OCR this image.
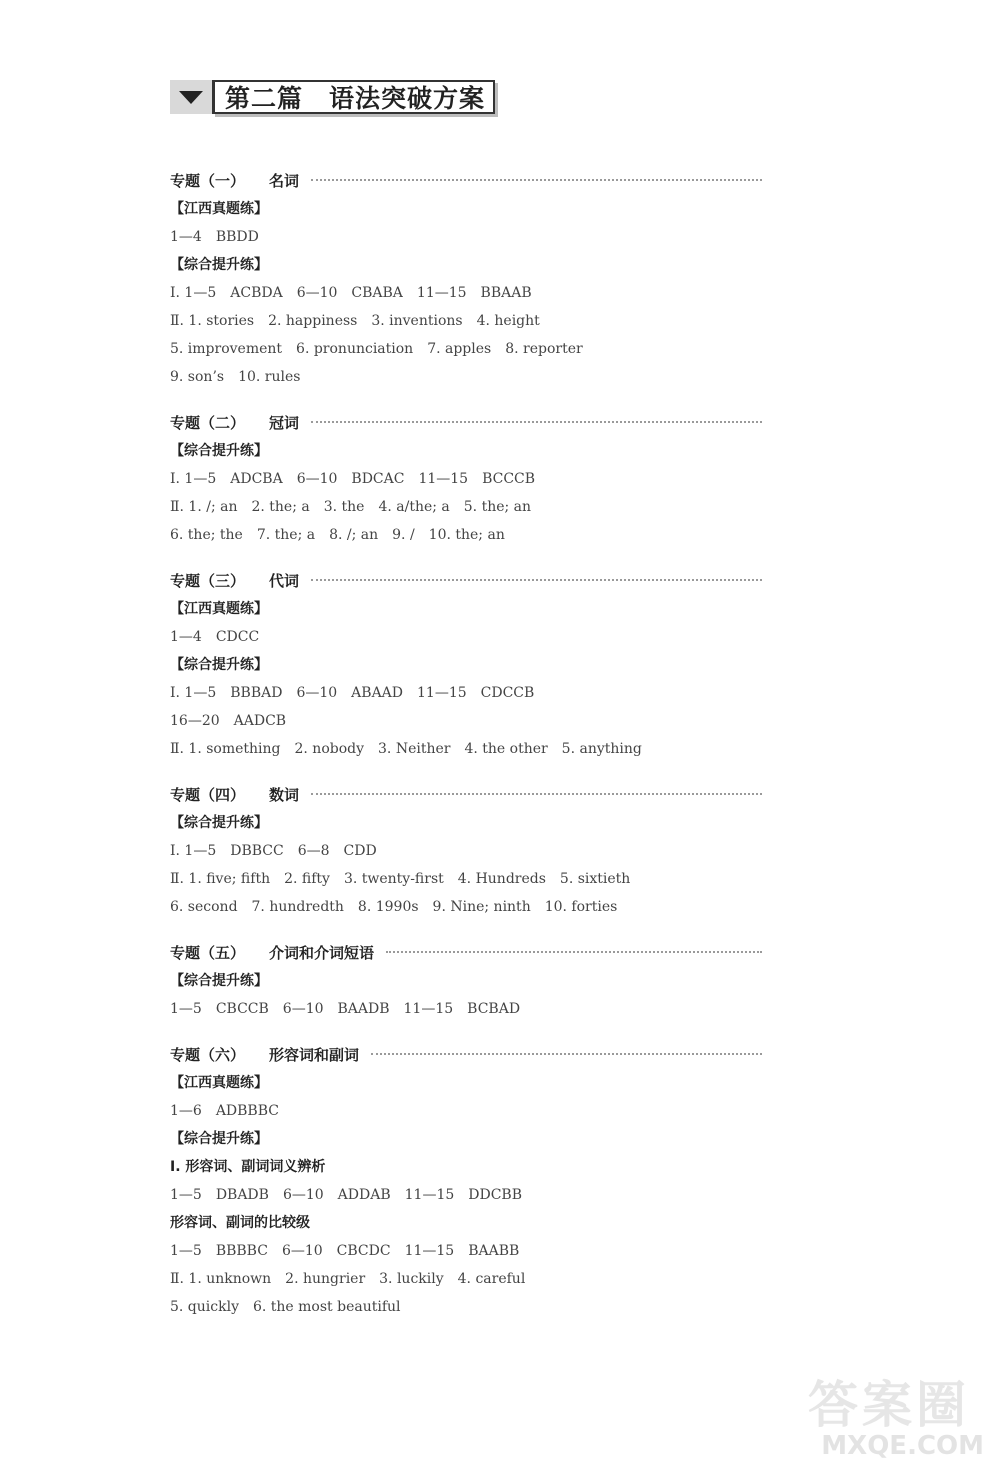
第二篇　语法突破方案
专题（一） 名词
【江西真题练】
1—4　BBDD
【综合提升练】
Ⅰ. 1—5　ACBDA　6—10　CBABA　11—15　BBAAB
Ⅱ. 1. stories　2. happiness　3. inventions　4. height
5. improvement　6. pronunciation　7. apples　8. reporter
9. son’s　10. rules
专题（二） 冠词
【综合提升练】
Ⅰ. 1—5　ADCBA　6—10　BDCAC　11—15　BCCCB
Ⅱ. 1. /; an　2. the; a　3. the　4. a/the; a　5. the; an
6. the; the　7. the; a　8. /; an　9. /　10. the; an
专题（三） 代词
【江西真题练】
1—4　CDCC
【综合提升练】
Ⅰ. 1—5　BBBAD　6—10　ABAAD　11—15　CDCCB
16—20　AADCB
Ⅱ. 1. something　2. nobody　3. Neither　4. the other　5. anything
专题（四） 数词
【综合提升练】
Ⅰ. 1—5　DBBCC　6—8　CDD
Ⅱ. 1. five; fifth　2. fifty　3. twenty-first　4. Hundreds　5. sixtieth
6. second　7. hundredth　8. 1990s　9. Nine; ninth　10. forties
专题（五） 介词和介词短语
【综合提升练】
1—5　CBCCB　6—10　BAADB　11—15　BCBAD
专题（六） 形容词和副词
【江西真题练】
1—6　ADBBBC
【综合提升练】
Ⅰ. 形容词、副词词义辨析
1—5　DBADB　6—10　ADDAB　11—15　DDCBB
形容词、副词的比较级
1—5　BBBBC　6—10　CBCDC　11—15　BAABB
Ⅱ. 1. unknown　2. hungrier　3. luckily　4. careful
5. quickly　6. the most beautiful
答案圈
MXQE.COM
